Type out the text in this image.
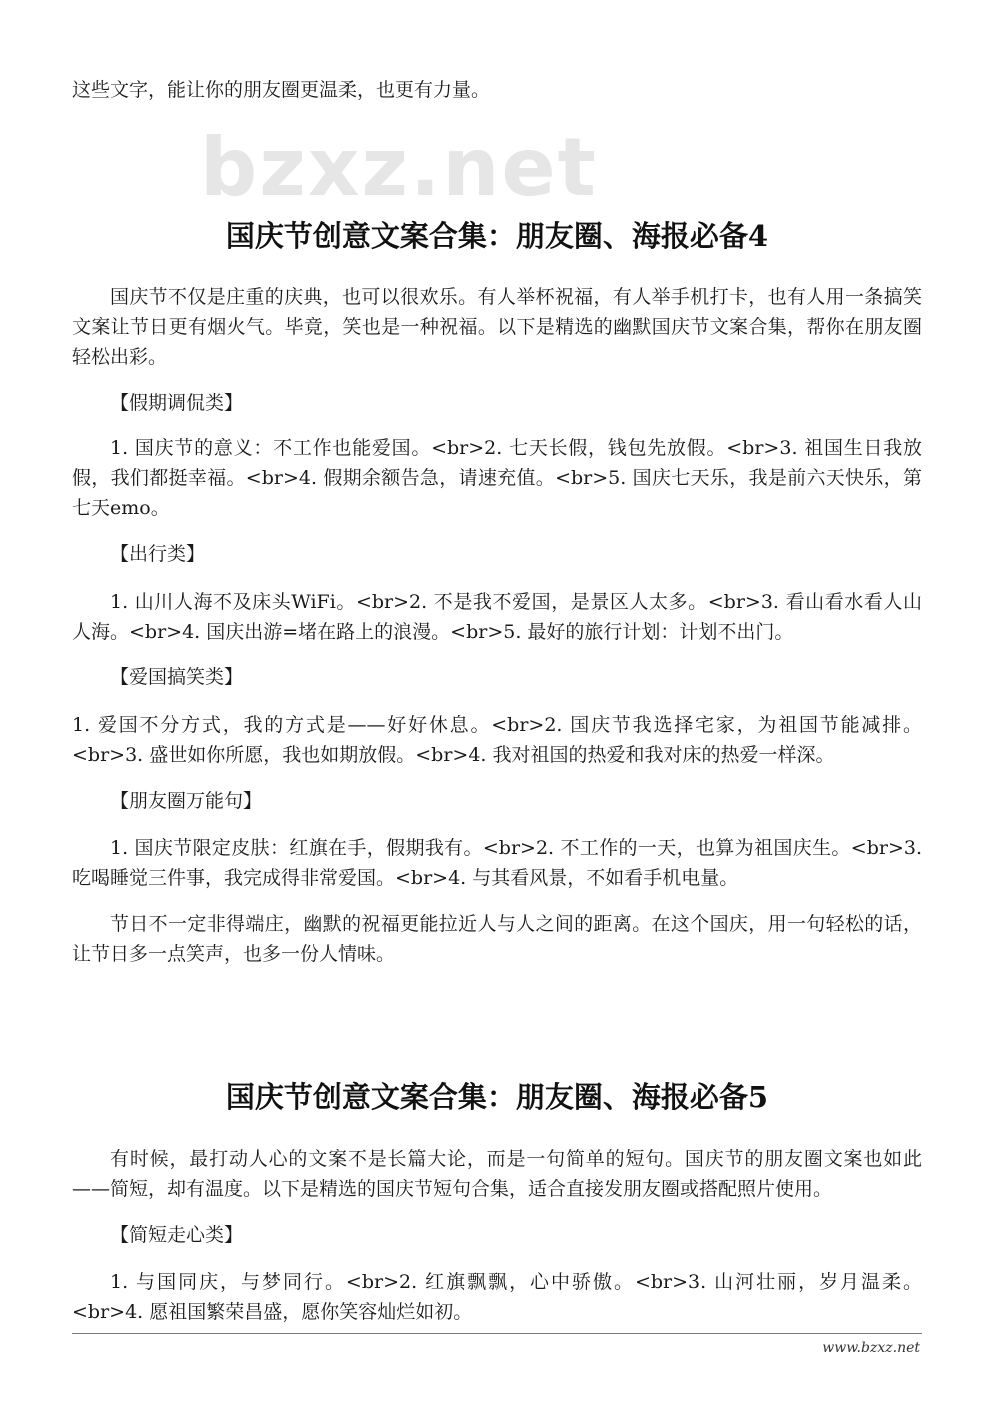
bzxz.net

这些文字，能让你的朋友圈更温柔，也更有力量。

国庆节创意文案合集：朋友圈、海报必备4

国庆节不仅是庄重的庆典，也可以很欢乐。有人举杯祝福，有人举手机打卡，也有人用一条搞笑文案让节日更有烟火气。毕竟，笑也是一种祝福。以下是精选的幽默国庆节文案合集，帮你在朋友圈轻松出彩。

【假期调侃类】

1. 国庆节的意义：不工作也能爱国。<br>2. 七天长假，钱包先放假。<br>3. 祖国生日我放假，我们都挺幸福。<br>4. 假期余额告急，请速充值。<br>5. 国庆七天乐，我是前六天快乐，第七天emo。

【出行类】

1. 山川人海不及床头WiFi。<br>2. 不是我不爱国，是景区人太多。<br>3. 看山看水看人山人海。<br>4. 国庆出游=堵在路上的浪漫。<br>5. 最好的旅行计划：计划不出门。

【爱国搞笑类】

1. 爱国不分方式，我的方式是——好好休息。<br>2. 国庆节我选择宅家，为祖国节能减排。<br>3. 盛世如你所愿，我也如期放假。<br>4. 我对祖国的热爱和我对床的热爱一样深。

【朋友圈万能句】

1. 国庆节限定皮肤：红旗在手，假期我有。<br>2. 不工作的一天，也算为祖国庆生。<br>3. 吃喝睡觉三件事，我完成得非常爱国。<br>4. 与其看风景，不如看手机电量。

节日不一定非得端庄，幽默的祝福更能拉近人与人之间的距离。在这个国庆，用一句轻松的话，让节日多一点笑声，也多一份人情味。

国庆节创意文案合集：朋友圈、海报必备5

有时候，最打动人心的文案不是长篇大论，而是一句简单的短句。国庆节的朋友圈文案也如此——简短，却有温度。以下是精选的国庆节短句合集，适合直接发朋友圈或搭配照片使用。

【简短走心类】

1. 与国同庆，与梦同行。<br>2. 红旗飘飘，心中骄傲。<br>3. 山河壮丽，岁月温柔。<br>4. 愿祖国繁荣昌盛，愿你笑容灿烂如初。

www.bzxz.net
